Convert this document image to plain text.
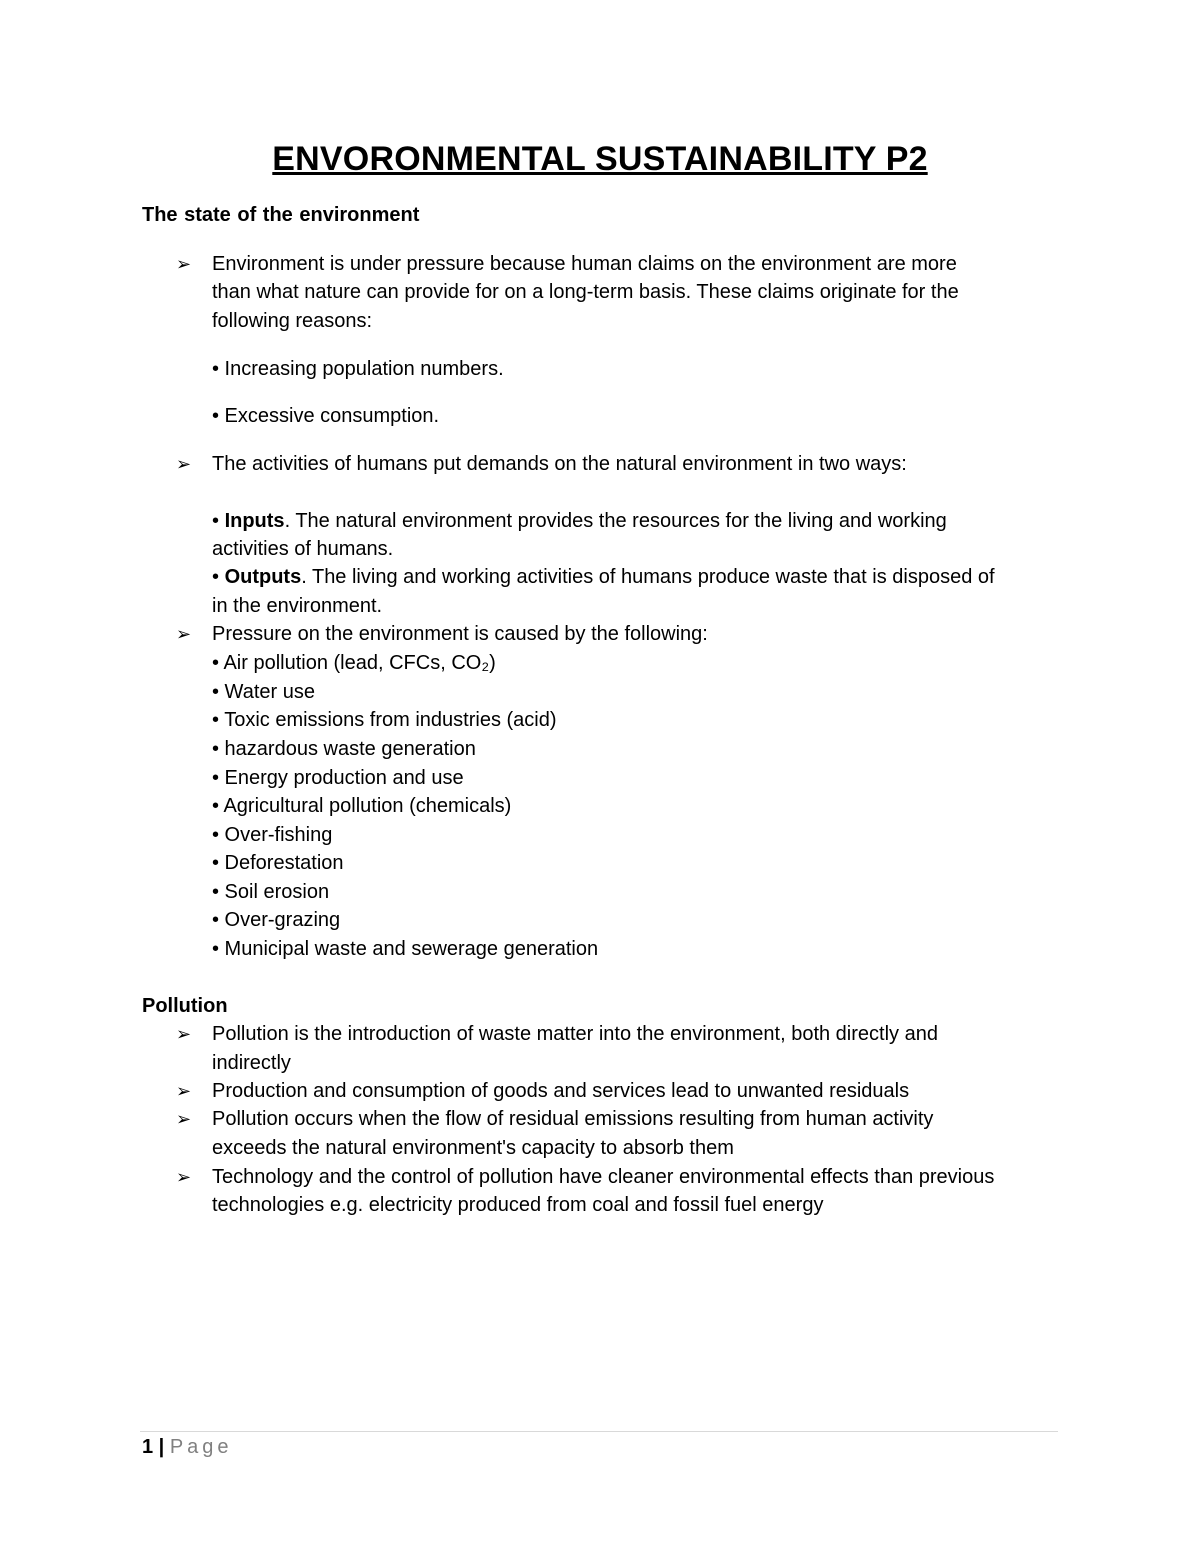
ENVORONMENTAL SUSTAINABILITY P2
The state of the environment
➢ Environment is under pressure because human claims on the environment are more
than what nature can provide for on a long-term basis. These claims originate for the
following reasons:
• Increasing population numbers.
• Excessive consumption.
➢ The activities of humans put demands on the natural environment in two ways:
• Inputs. The natural environment provides the resources for the living and working
activities of humans.
• Outputs. The living and working activities of humans produce waste that is disposed of
in the environment.
➢ Pressure on the environment is caused by the following:
• Air pollution (lead, CFCs, CO₂)
• Water use
• Toxic emissions from industries (acid)
• hazardous waste generation
• Energy production and use
• Agricultural pollution (chemicals)
• Over-fishing
• Deforestation
• Soil erosion
• Over-grazing
• Municipal waste and sewerage generation
Pollution
➢ Pollution is the introduction of waste matter into the environment, both directly and
indirectly
➢ Production and consumption of goods and services lead to unwanted residuals
➢ Pollution occurs when the flow of residual emissions resulting from human activity
exceeds the natural environment's capacity to absorb them
➢ Technology and the control of pollution have cleaner environmental effects than previous
technologies e.g. electricity produced from coal and fossil fuel energy
1 | Page
